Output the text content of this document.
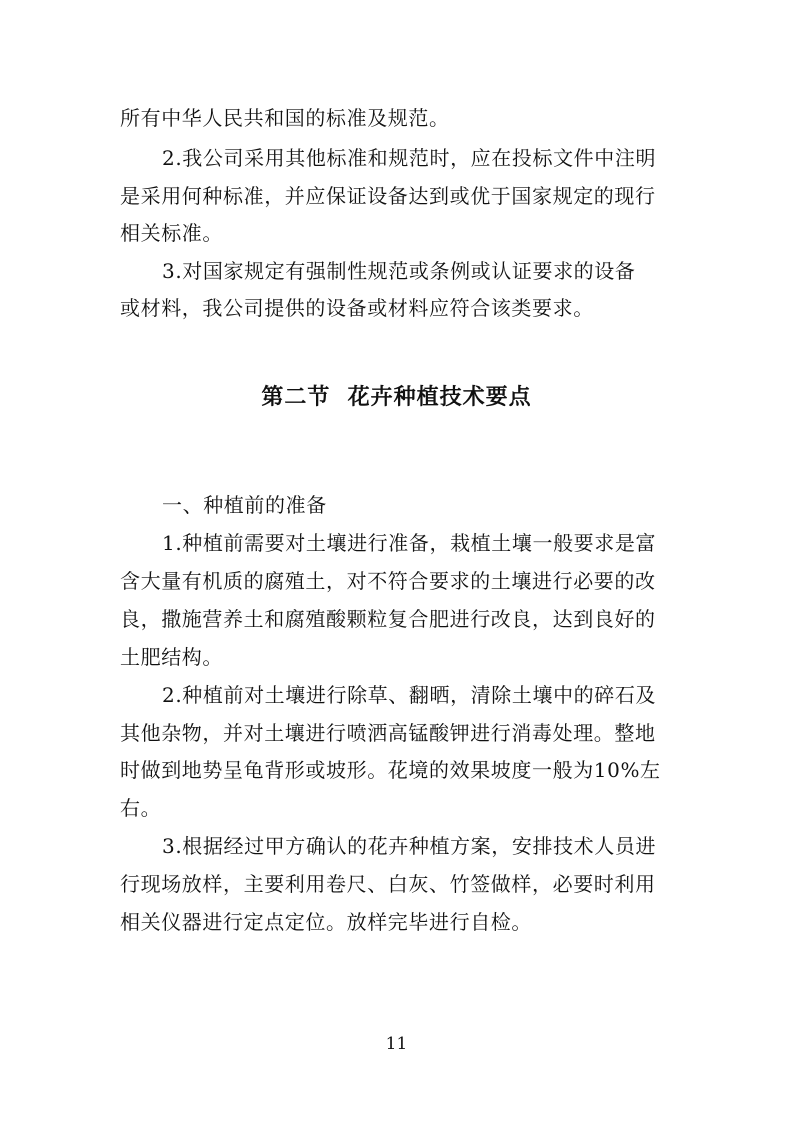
所有中华人民共和国的标准及规范。
2.我公司采用其他标准和规范时，应在投标文件中注明
是采用何种标准，并应保证设备达到或优于国家规定的现行
相关标准。
3.对国家规定有强制性规范或条例或认证要求的设备
或材料，我公司提供的设备或材料应符合该类要求。
第二节  花卉种植技术要点
一、种植前的准备
1.种植前需要对土壤进行准备，栽植土壤一般要求是富
含大量有机质的腐殖土，对不符合要求的土壤进行必要的改
良，撒施营养土和腐殖酸颗粒复合肥进行改良，达到良好的
土肥结构。
2.种植前对土壤进行除草、翻晒，清除土壤中的碎石及
其他杂物，并对土壤进行喷洒高锰酸钾进行消毒处理。整地
时做到地势呈龟背形或坡形。花境的效果坡度一般为10%左
右。
3.根据经过甲方确认的花卉种植方案，安排技术人员进
行现场放样，主要利用卷尺、白灰、竹签做样，必要时利用
相关仪器进行定点定位。放样完毕进行自检。
11
